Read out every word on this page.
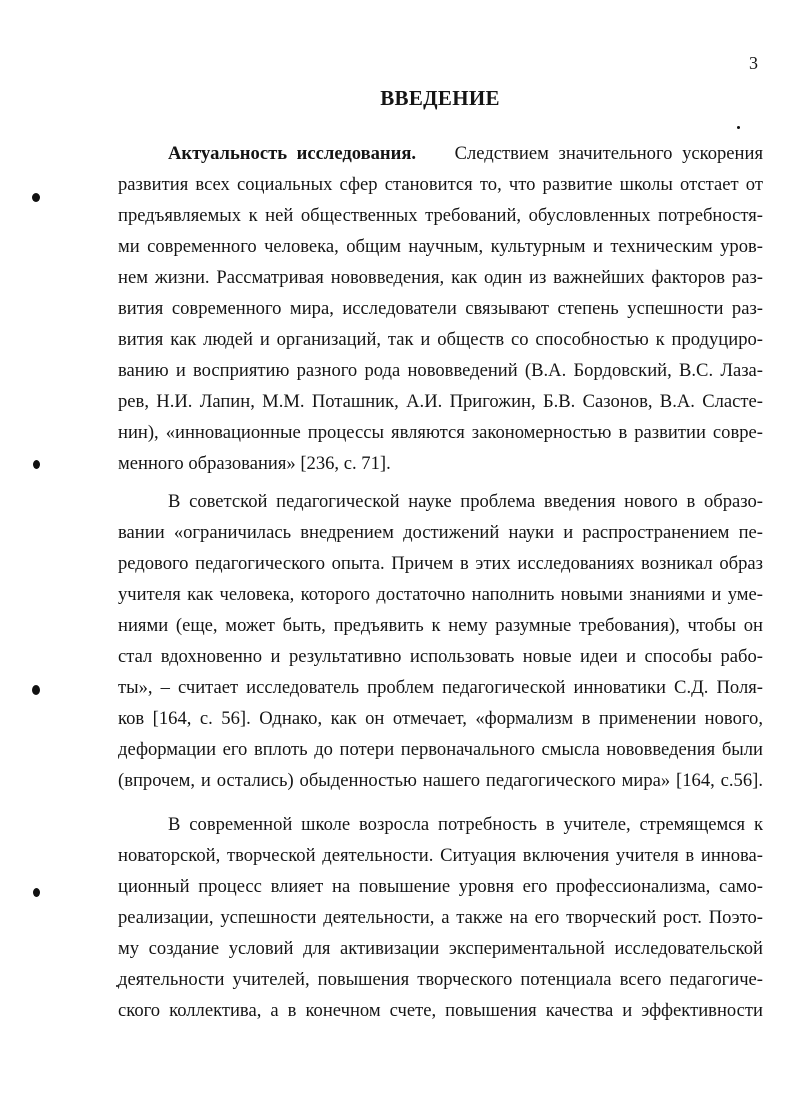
3
ВВЕДЕНИЕ
Актуальность исследования. Следствием значительного ускорения
развития всех социальных сфер становится то, что развитие школы отстает от
предъявляемых к ней общественных требований, обусловленных потребностя-
ми современного человека, общим научным, культурным и техническим уров-
нем жизни. Рассматривая нововведения, как один из важнейших факторов раз-
вития современного мира, исследователи связывают степень успешности раз-
вития как людей и организаций, так и обществ со способностью к продуциро-
ванию и восприятию разного рода нововведений (В.А. Бордовский, В.С. Лаза-
рев, Н.И. Лапин, М.М. Поташник, А.И. Пригожин, Б.В. Сазонов, В.А. Сласте-
нин), «инновационные процессы являются закономерностью в развитии совре-
менного образования» [236, с. 71].
В советской педагогической науке проблема введения нового в образо-
вании «ограничилась внедрением достижений науки и распространением пе-
редового педагогического опыта. Причем в этих исследованиях возникал образ
учителя как человека, которого достаточно наполнить новыми знаниями и уме-
ниями (еще, может быть, предъявить к нему разумные требования), чтобы он
стал вдохновенно и результативно использовать новые идеи и способы рабо-
ты», – считает исследователь проблем педагогической инноватики С.Д. Поля-
ков [164, с. 56]. Однако, как он отмечает, «формализм в применении нового,
деформации его вплоть до потери первоначального смысла нововведения были
(впрочем, и остались) обыденностью нашего педагогического мира» [164, с.56].
В современной школе возросла потребность в учителе, стремящемся к
новаторской, творческой деятельности. Ситуация включения учителя в иннова-
ционный процесс влияет на повышение уровня его профессионализма, само-
реализации, успешности деятельности, а также на его творческий рост. Поэто-
му создание условий для активизации экспериментальной исследовательской
деятельности учителей, повышения творческого потенциала всего педагогиче-
ского коллектива, а в конечном счете, повышения качества и эффективности
